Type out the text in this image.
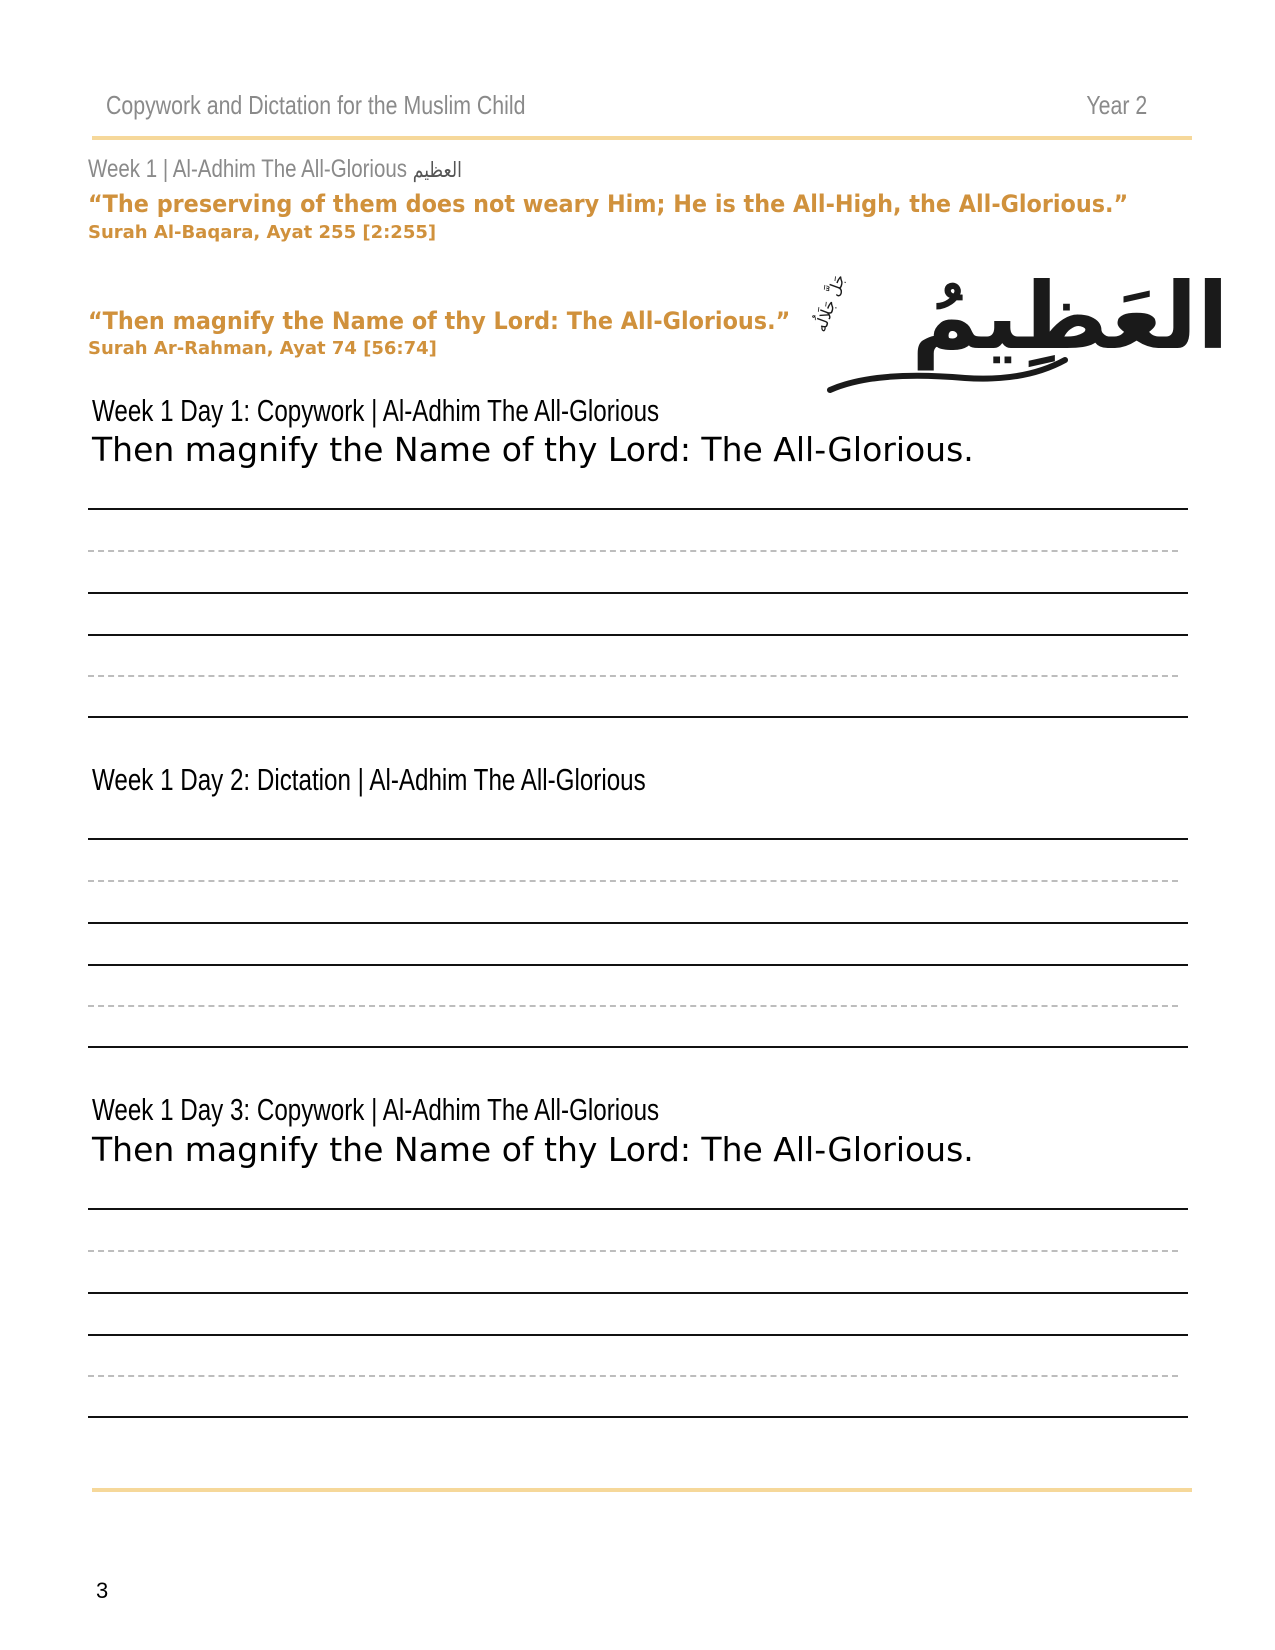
Copywork and Dictation for the Muslim Child	Year 2
Week 1 | Al-Adhim The All-Glorious العظيم
“The preserving of them does not weary Him; He is the All-High, the All-Glorious.”
Surah Al-Baqara, Ayat 255 [2:255]
“Then magnify the Name of thy Lord: The All-Glorious.”
Surah Ar-Rahman, Ayat 74 [56:74]	العَظِيمُ
جَلَّ جَلَالُه
Week 1 Day 1: Copywork | Al-Adhim The All-Glorious
Then magnify the Name of thy Lord: The All-Glorious.
Week 1 Day 2: Dictation | Al-Adhim The All-Glorious
Week 1 Day 3: Copywork | Al-Adhim The All-Glorious
Then magnify the Name of thy Lord: The All-Glorious.
3
